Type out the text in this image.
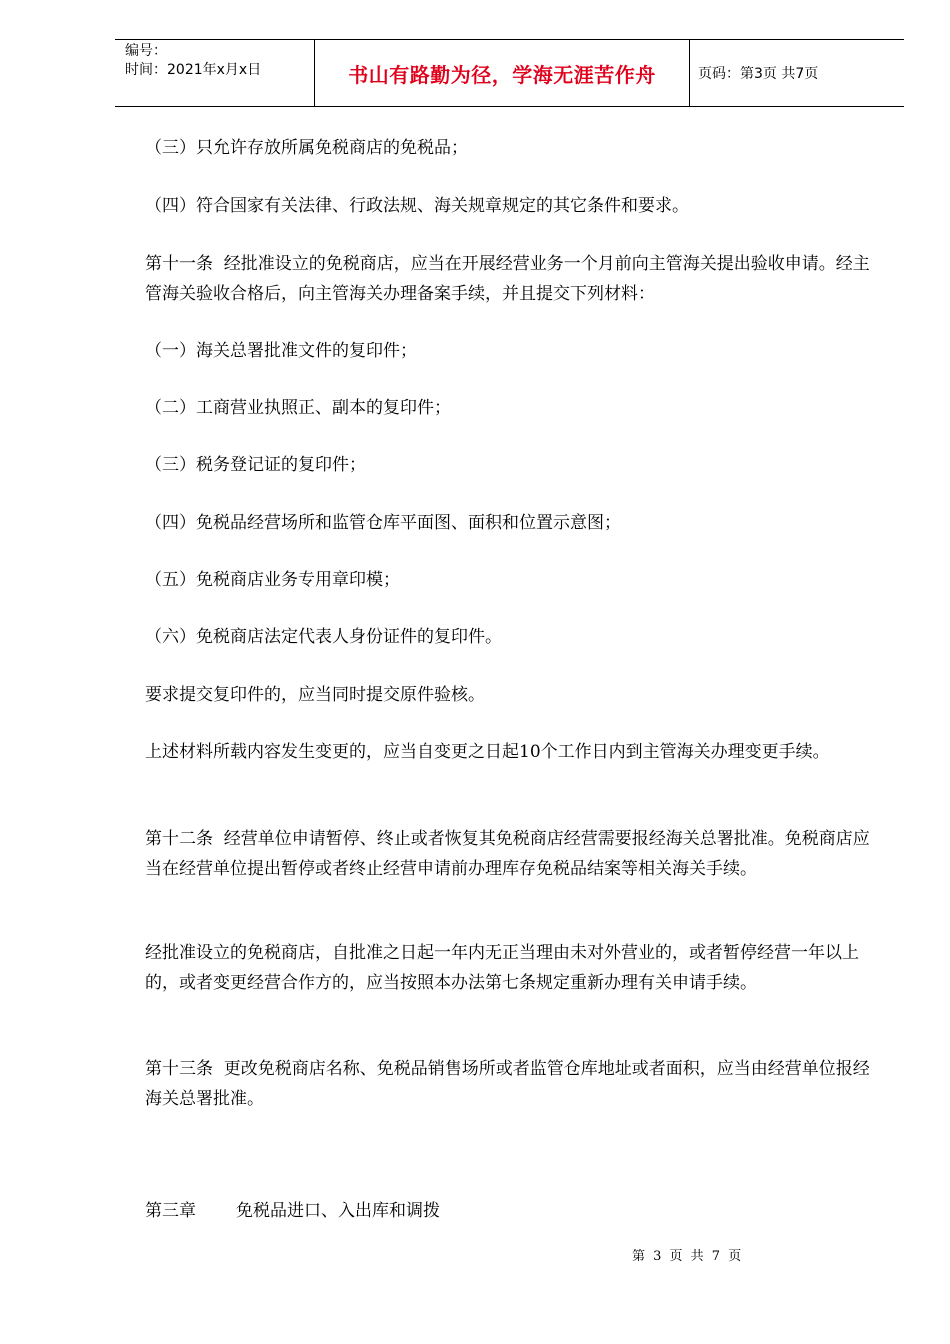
编号：
时间：2021年x月x日	书山有路勤为径，学海无涯苦作舟	页码：第3页 共7页

（三）只允许存放所属免税商店的免税品；

（四）符合国家有关法律、行政法规、海关规章规定的其它条件和要求。

第十一条  经批准设立的免税商店，应当在开展经营业务一个月前向主管海关提出验收申请。经主管海关验收合格后，向主管海关办理备案手续，并且提交下列材料：

（一）海关总署批准文件的复印件；

（二）工商营业执照正、副本的复印件；

（三）税务登记证的复印件；

（四）免税品经营场所和监管仓库平面图、面积和位置示意图；

（五）免税商店业务专用章印模；

（六）免税商店法定代表人身份证件的复印件。

要求提交复印件的，应当同时提交原件验核。

上述材料所载内容发生变更的，应当自变更之日起10个工作日内到主管海关办理变更手续。

第十二条  经营单位申请暂停、终止或者恢复其免税商店经营需要报经海关总署批准。免税商店应当在经营单位提出暂停或者终止经营申请前办理库存免税品结案等相关海关手续。

经批准设立的免税商店，自批准之日起一年内无正当理由未对外营业的，或者暂停经营一年以上的，或者变更经营合作方的，应当按照本办法第七条规定重新办理有关申请手续。

第十三条  更改免税商店名称、免税品销售场所或者监管仓库地址或者面积，应当由经营单位报经海关总署批准。

第三章 免税品进口、入出库和调拨
第 3 页 共 7 页
